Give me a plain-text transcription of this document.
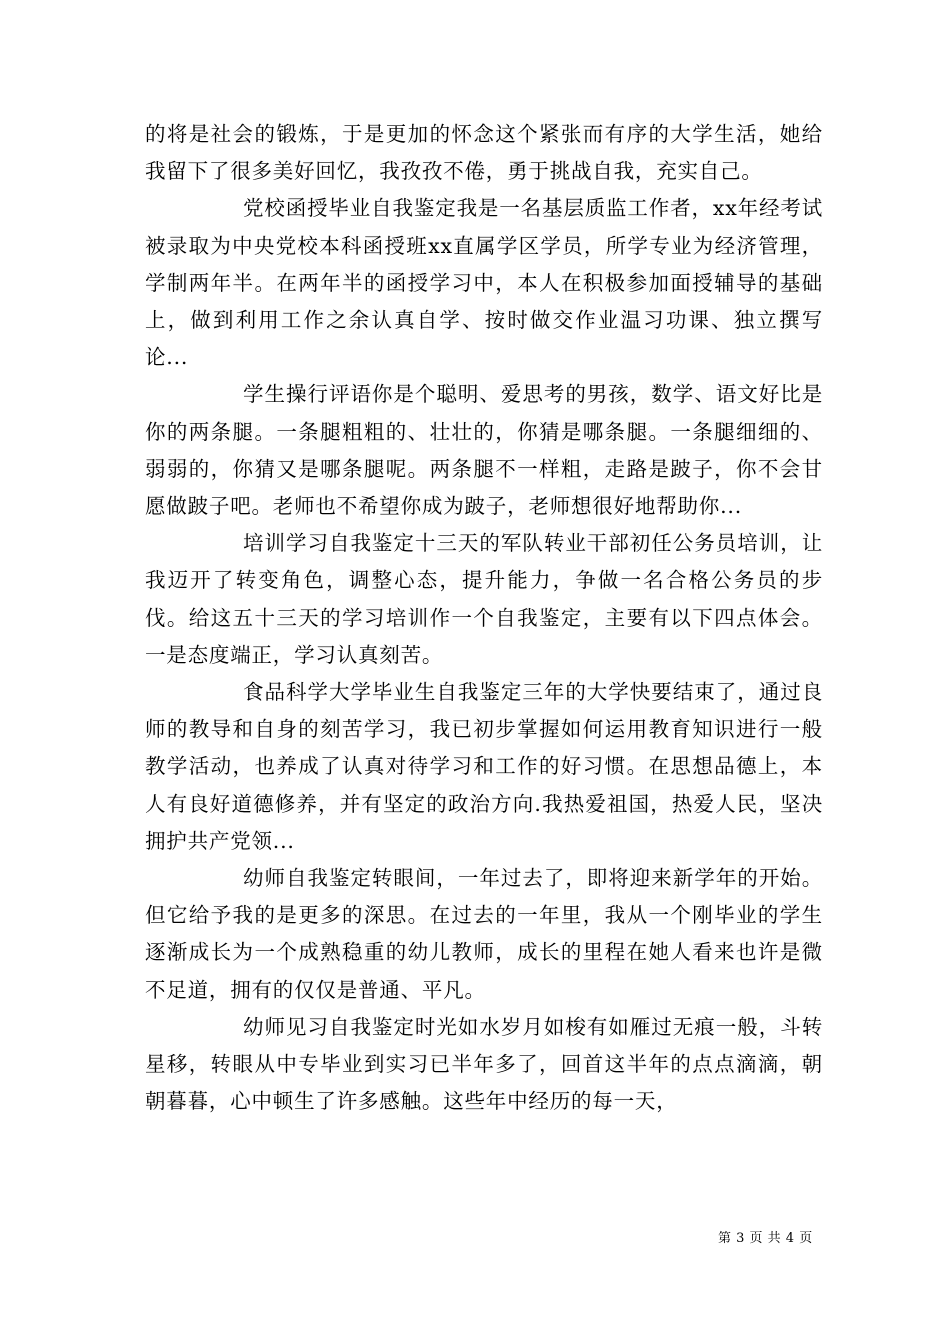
的将是社会的锻炼，于是更加的怀念这个紧张而有序的大学生活，她给我留下了很多美好回忆，我孜孜不倦，勇于挑战自我，充实自己。

党校函授毕业自我鉴定我是一名基层质监工作者，xx年经考试被录取为中央党校本科函授班xx直属学区学员，所学专业为经济管理，学制两年半。在两年半的函授学习中，本人在积极参加面授辅导的基础上，做到利用工作之余认真自学、按时做交作业温习功课、独立撰写论...

学生操行评语你是个聪明、爱思考的男孩，数学、语文好比是你的两条腿。一条腿粗粗的、壮壮的，你猜是哪条腿。一条腿细细的、弱弱的，你猜又是哪条腿呢。两条腿不一样粗，走路是跛子，你不会甘愿做跛子吧。老师也不希望你成为跛子，老师想很好地帮助你...

培训学习自我鉴定十三天的军队转业干部初任公务员培训，让我迈开了转变角色，调整心态，提升能力，争做一名合格公务员的步伐。给这五十三天的学习培训作一个自我鉴定，主要有以下四点体会。一是态度端正，学习认真刻苦。

食品科学大学毕业生自我鉴定三年的大学快要结束了，通过良师的教导和自身的刻苦学习，我已初步掌握如何运用教育知识进行一般教学活动，也养成了认真对待学习和工作的好习惯。在思想品德上，本人有良好道德修养，并有坚定的政治方向.我热爱祖国，热爱人民，坚决拥护共产党领...

幼师自我鉴定转眼间，一年过去了，即将迎来新学年的开始。但它给予我的是更多的深思。在过去的一年里，我从一个刚毕业的学生逐渐成长为一个成熟稳重的幼儿教师，成长的里程在她人看来也许是微不足道，拥有的仅仅是普通、平凡。

幼师见习自我鉴定时光如水岁月如梭有如雁过无痕一般，斗转星移，转眼从中专毕业到实习已半年多了，回首这半年的点点滴滴，朝朝暮暮，心中顿生了许多感触。这些年中经历的每一天，

第 3 页 共 4 页
